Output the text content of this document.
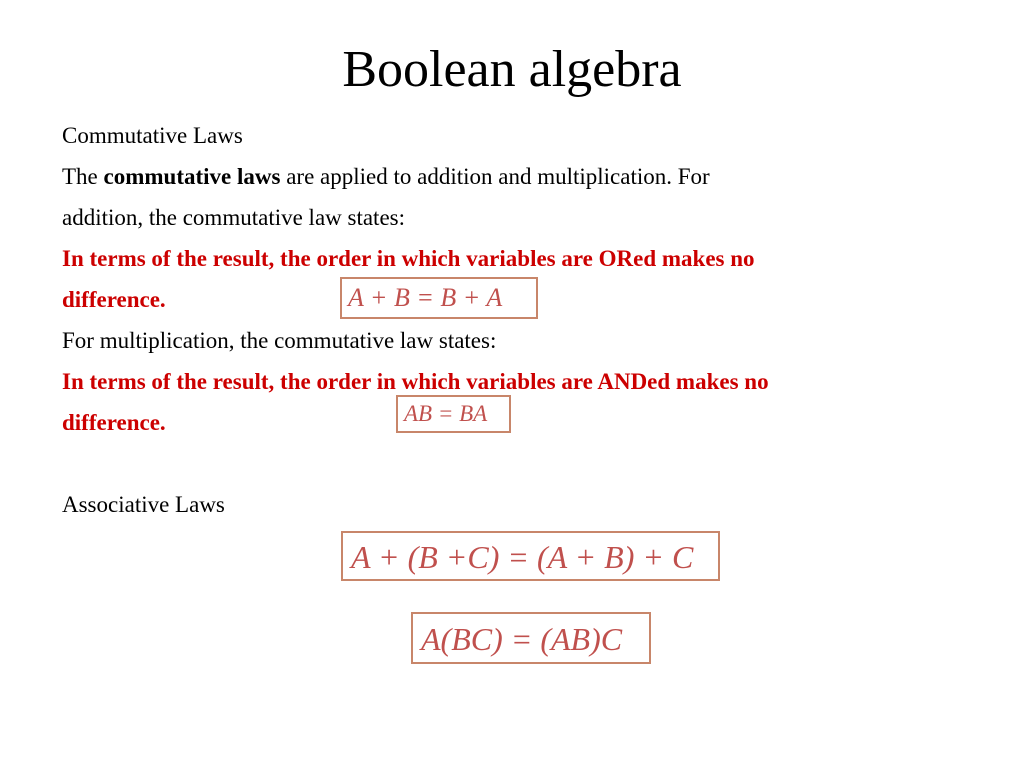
Boolean algebra
Commutative Laws
The commutative laws are applied to addition and multiplication. For
addition, the commutative law states:
In terms of the result, the order in which variables are ORed makes no
difference.
For multiplication, the commutative law states:
In terms of the result, the order in which variables are ANDed makes no
difference.
Associative Laws
A + B = B + A
AB = BA
A + (B +C) = (A + B) + C
A(BC) = (AB)C
